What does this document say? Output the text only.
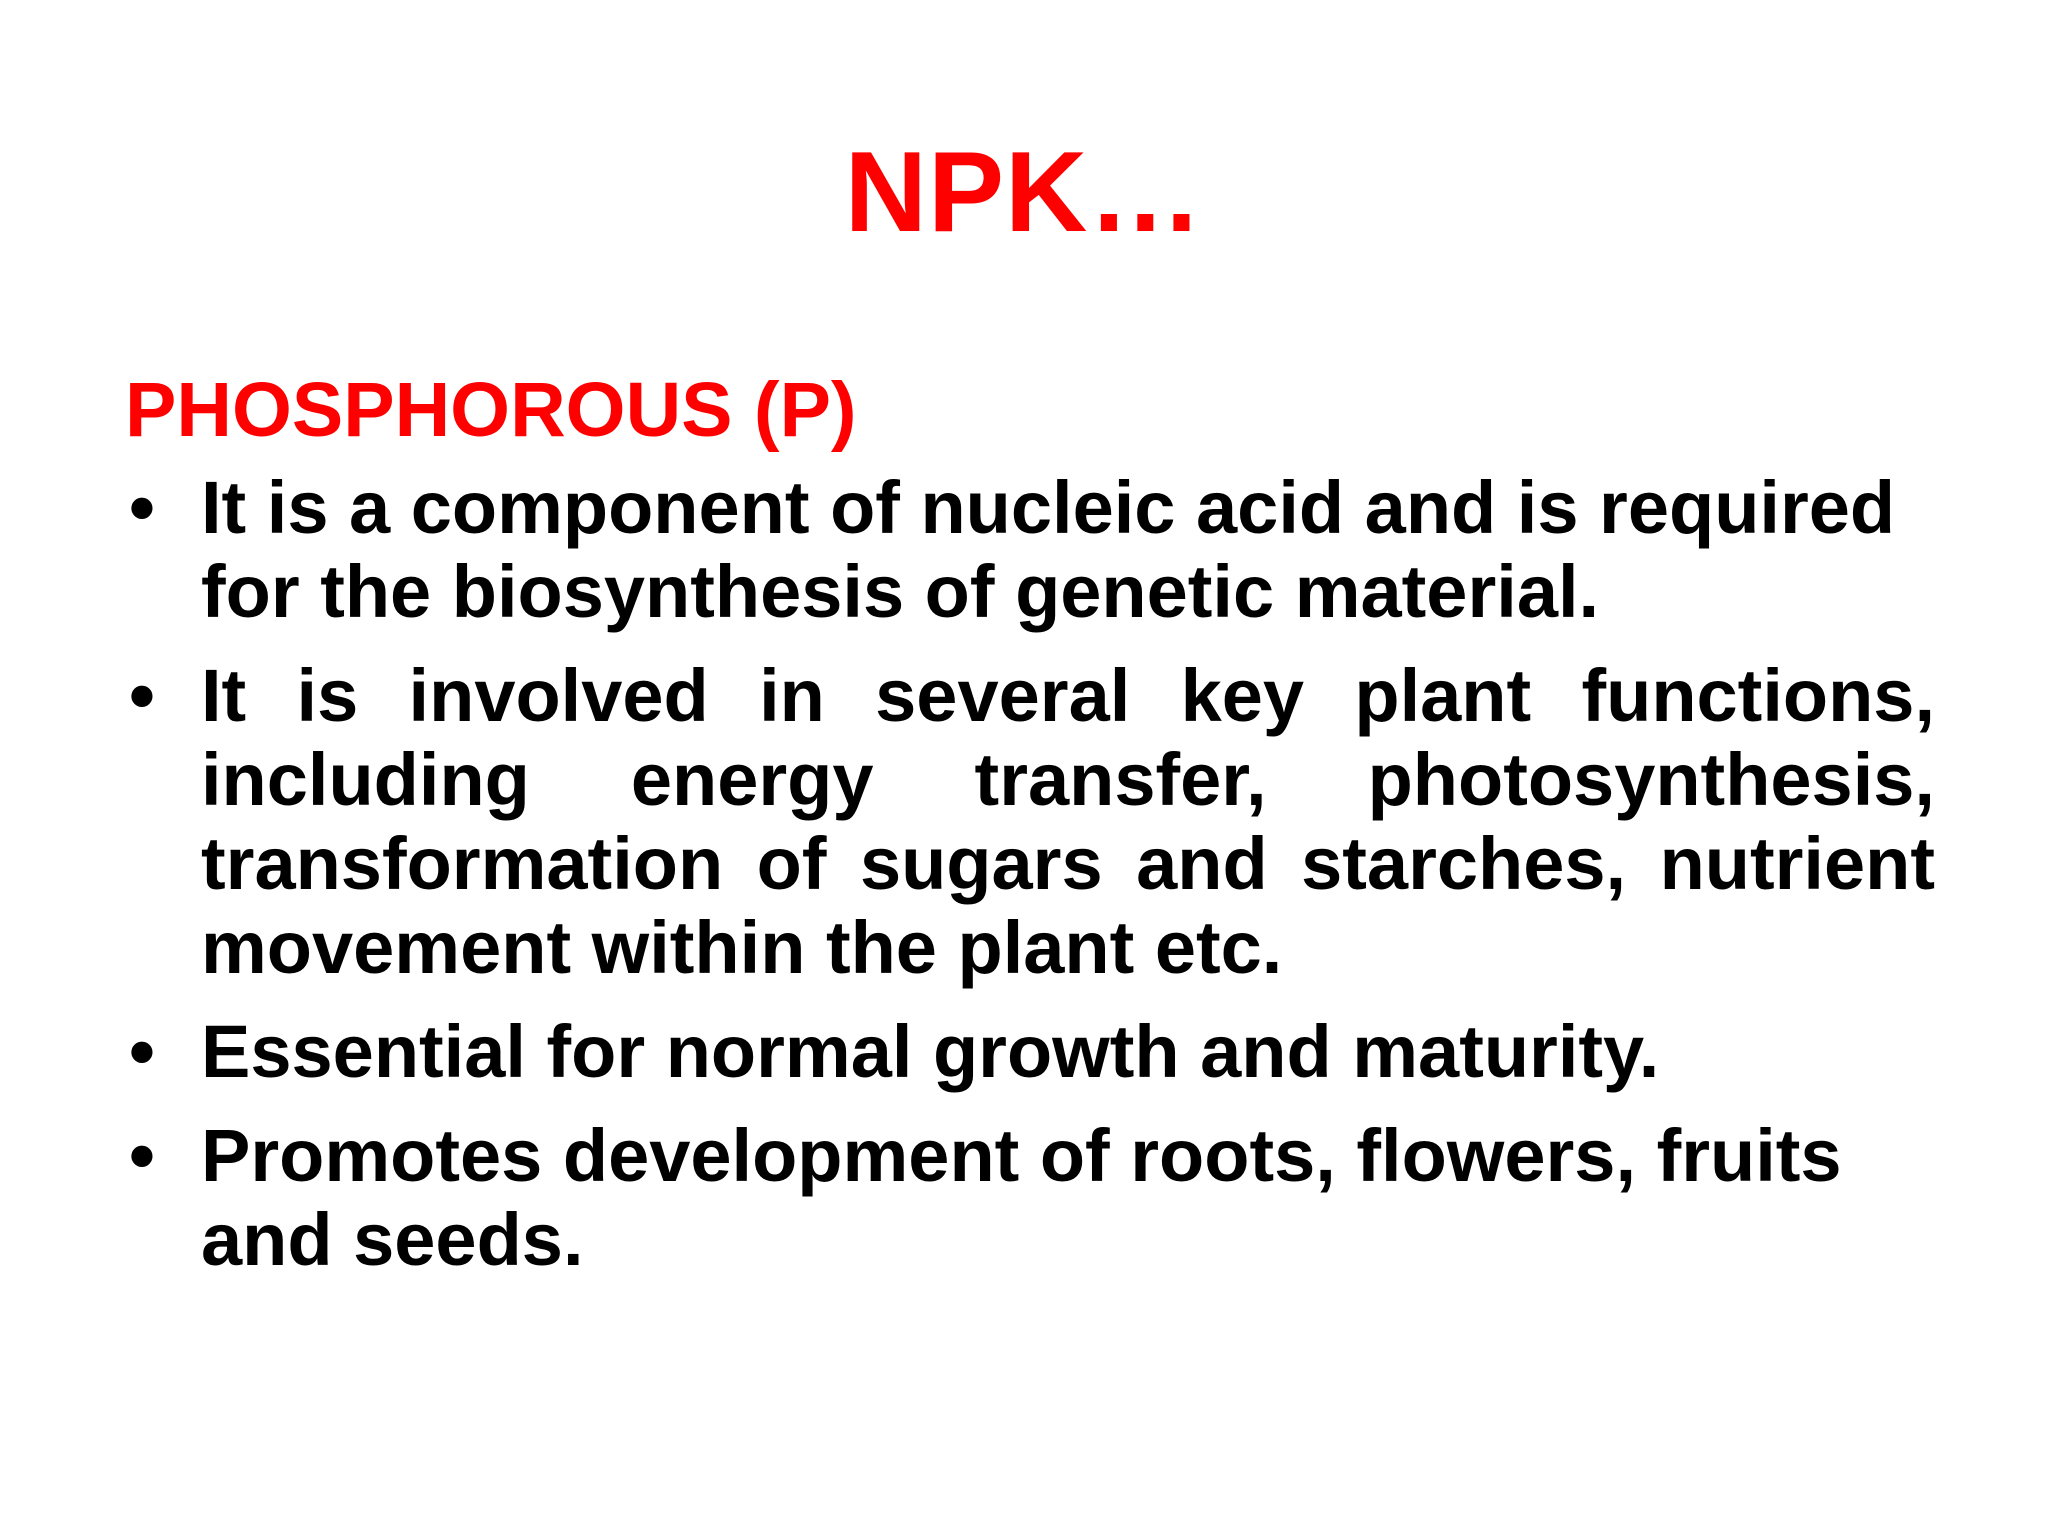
NPK…
PHOSPHOROUS (P)
• It is a component of nucleic acid and is required for the biosynthesis of genetic material.
• It is involved in several key plant functions, including energy transfer, photosynthesis, transformation of sugars and starches, nutrient movement within the plant etc.
• Essential for normal growth and maturity.
• Promotes development of roots, flowers, fruits and seeds.
